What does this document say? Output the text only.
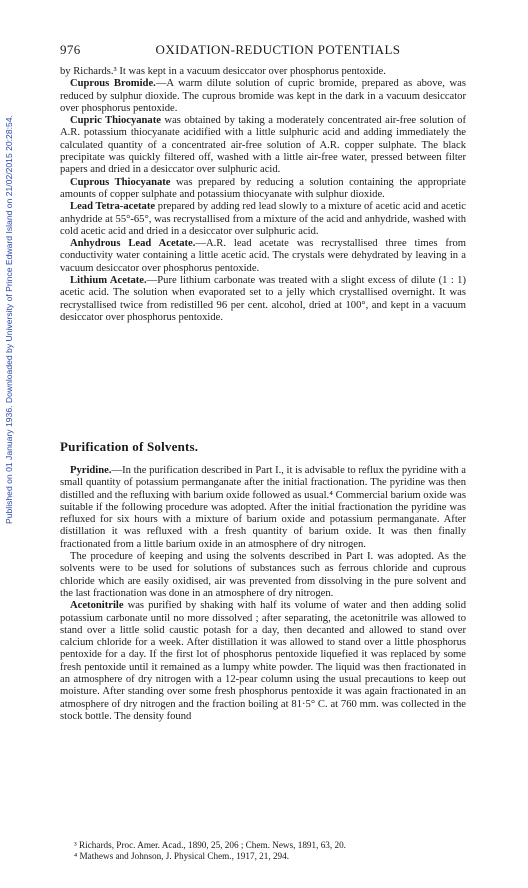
Published on 01 January 1936. Downloaded by University of Prince Edward Island on 21/02/2015 20:28:54.
976	OXIDATION-REDUCTION POTENTIALS

by Richards.³ It was kept in a vacuum desiccator over phosphorus pentoxide.

Cuprous Bromide.—A warm dilute solution of cupric bromide, prepared as above, was reduced by sulphur dioxide. The cuprous bromide was kept in the dark in a vacuum desiccator over phosphorus pentoxide.

Cupric Thiocyanate was obtained by taking a moderately concentrated air-free solution of A.R. potassium thiocyanate acidified with a little sulphuric acid and adding immediately the calculated quantity of a concentrated air-free solution of A.R. copper sulphate. The black precipitate was quickly filtered off, washed with a little air-free water, pressed between filter papers and dried in a desiccator over sulphuric acid.

Cuprous Thiocyanate was prepared by reducing a solution containing the appropriate amounts of copper sulphate and potassium thiocyanate with sulphur dioxide.

Lead Tetra-acetate prepared by adding red lead slowly to a mixture of acetic acid and acetic anhydride at 55°-65°, was recrystallised from a mixture of the acid and anhydride, washed with cold acetic acid and dried in a desiccator over sulphuric acid.

Anhydrous Lead Acetate.—A.R. lead acetate was recrystallised three times from conductivity water containing a little acetic acid. The crystals were dehydrated by leaving in a vacuum desiccator over phosphorus pentoxide.

Lithium Acetate.—Pure lithium carbonate was treated with a slight excess of dilute (1 : 1) acetic acid. The solution when evaporated set to a jelly which crystallised overnight. It was recrystallised twice from redistilled 96 per cent. alcohol, dried at 100°, and kept in a vacuum desiccator over phosphorus pentoxide.

Purification of Solvents.

Pyridine.—In the purification described in Part I., it is advisable to reflux the pyridine with a small quantity of potassium permanganate after the initial fractionation. The pyridine was then distilled and the refluxing with barium oxide followed as usual.⁴ Commercial barium oxide was suitable if the following procedure was adopted. After the initial fractionation the pyridine was refluxed for six hours with a mixture of barium oxide and potassium permanganate. After distillation it was refluxed with a fresh quantity of barium oxide. It was then finally fractionated from a little barium oxide in an atmosphere of dry nitrogen.

The procedure of keeping and using the solvents described in Part I. was adopted. As the solvents were to be used for solutions of substances such as ferrous chloride and cuprous chloride which are easily oxidised, air was prevented from dissolving in the pure solvent and the last fractionation was done in an atmosphere of dry nitrogen.

Acetonitrile was purified by shaking with half its volume of water and then adding solid potassium carbonate until no more dissolved ; after separating, the acetonitrile was allowed to stand over a little solid caustic potash for a day, then decanted and allowed to stand over calcium chloride for a week. After distillation it was allowed to stand over a little phosphorus pentoxide for a day. If the first lot of phosphorus pentoxide liquefied it was replaced by some fresh pentoxide until it remained as a lumpy white powder. The liquid was then fractionated in an atmosphere of dry nitrogen with a 12-pear column using the usual precautions to keep out moisture. After standing over some fresh phosphorus pentoxide it was again fractionated in an atmosphere of dry nitrogen and the fraction boiling at 81·5° C. at 760 mm. was collected in the stock bottle. The density found

³ Richards, Proc. Amer. Acad., 1890, 25, 206 ; Chem. News, 1891, 63, 20.

⁴ Mathews and Johnson, J. Physical Chem., 1917, 21, 294.
